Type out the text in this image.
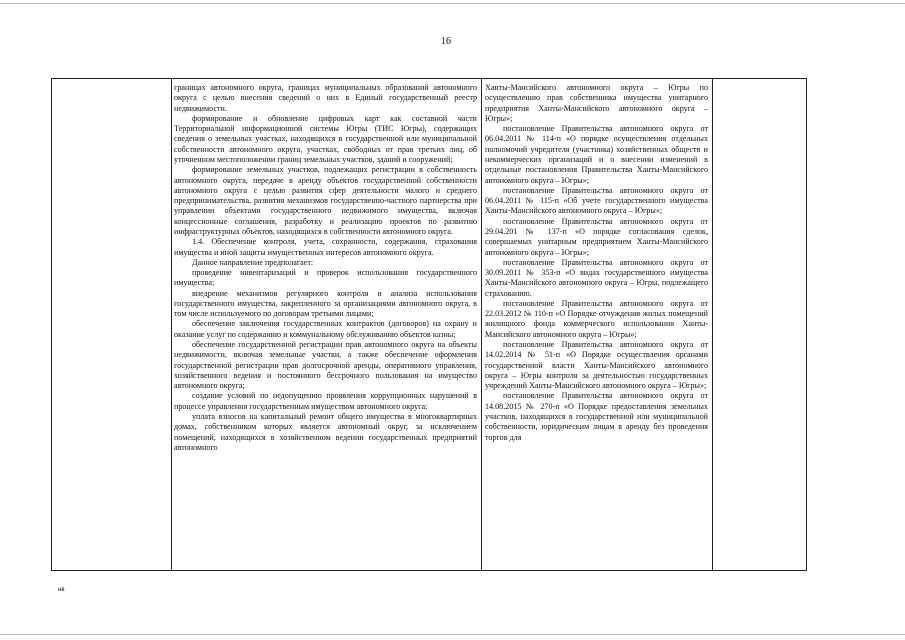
16

границах автономного округа, границах муниципальных образований автономного округа с целью внесения сведений о них в Единый государственный реестр недвижимости.

формирование и обновление цифровых карт как составной части Территориальной информационной системы Югры (ТИС Югры), содержащих сведения о земельных участках, находящихся в государственной или муниципальной собственности автономного округа, участках, свободных от прав третьих лиц, об уточненном местоположении границ земельных участков, зданий и сооружений;

формирование земельных участков, подлежащих регистрации в собственность автономного округа, передаче в аренду объектов государственной собственности автономного округа с целью развития сфер деятельности малого и среднего предпринимательства, развития механизмов государственно-частного партнерства при управлении объектами государственного недвижимого имущества, включая концессионные соглашения, разработку и реализацию проектов по развитию инфраструктурных объектов, находящихся в собственности автономного округа.

1.4. Обеспечение контроля, учета, сохранности, содержания, страхования имущества и иной защиты имущественных интересов автономного округа.

Данное направление предполагает:

проведение инвентаризаций и проверок использования государственного имущества;

внедрение механизмов регулярного контроля и анализа использования государственного имущества, закрепленного за организациями автономного округа, в том числе используемого по договорам третьими лицами;

обеспечение заключения государственных контрактов (договоров) на охрану и оказание услуг по содержанию и коммунальному обслуживанию объектов казны;

обеспечение государственной регистрации прав автономного округа на объекты недвижимости, включая земельные участки, а также обеспечение оформления государственной регистрации прав долгосрочной аренды, оперативного управления, хозяйственного ведения и постоянного бессрочного пользования на имущество автономного округа;

создание условий по недопущению проявления коррупционных нарушений в процессе управления государственным имуществом автономного округа;

уплата взносов на капитальный ремонт общего имущества в многоквартирных домах, собственником которых является автономный округ, за исключением помещений, находящихся в хозяйственном ведении государственных предприятий автономного

Ханты-Мансийского автономного округа – Югры по осуществлению прав собственника имущества унитарного предприятия Ханты-Мансийского автономного округа – Югры»;

постановление Правительства автономного округа от 06.04.2011 № 114-п «О порядке осуществления отдельных полномочий учредителя (участника) хозяйственных обществ и некоммерческих организаций и о внесении изменений в отдельные постановления Правительства Ханты-Мансийского автономного округа – Югры»;

постановление Правительства автономного округа от 06.04.2011 № 115-п «Об учете государственного имущества Ханты-Мансийского автономного округа – Югры»;

постановление Правительства автономного округа от 29.04.201 № 137-п «О порядке согласования сделок, совершаемых унитарным предприятием Ханты-Мансийского автономного округа – Югры»;

постановление Правительства автономного округа от 30.09.2011 № 353-п «О видах государственного имущества Ханты-Мансийского автономного округа – Югры, подлежащего страхованию.

постановление Правительства автономного округа от 22.03.2012 № 110-п «О Порядке отчуждения жилых помещений жилищного фонда коммерческого использования Ханты-Мансийского автономного округа – Югры»;

постановление Правительства автономного округа от 14.02.2014 № 51-п «О Порядке осуществления органами государственной власти Ханты-Мансийского автономного округа – Югры контроля за деятельностью государственных учреждений Ханты-Мансийского автономного округа – Югры»;

постановление Правительства автономного округа от 14.08.2015 № 270-п «О Порядке предоставления земельных участков, находящихся в государственной или муниципальной собственности, юридическим лицам в аренду без проведения торгов для

нв
